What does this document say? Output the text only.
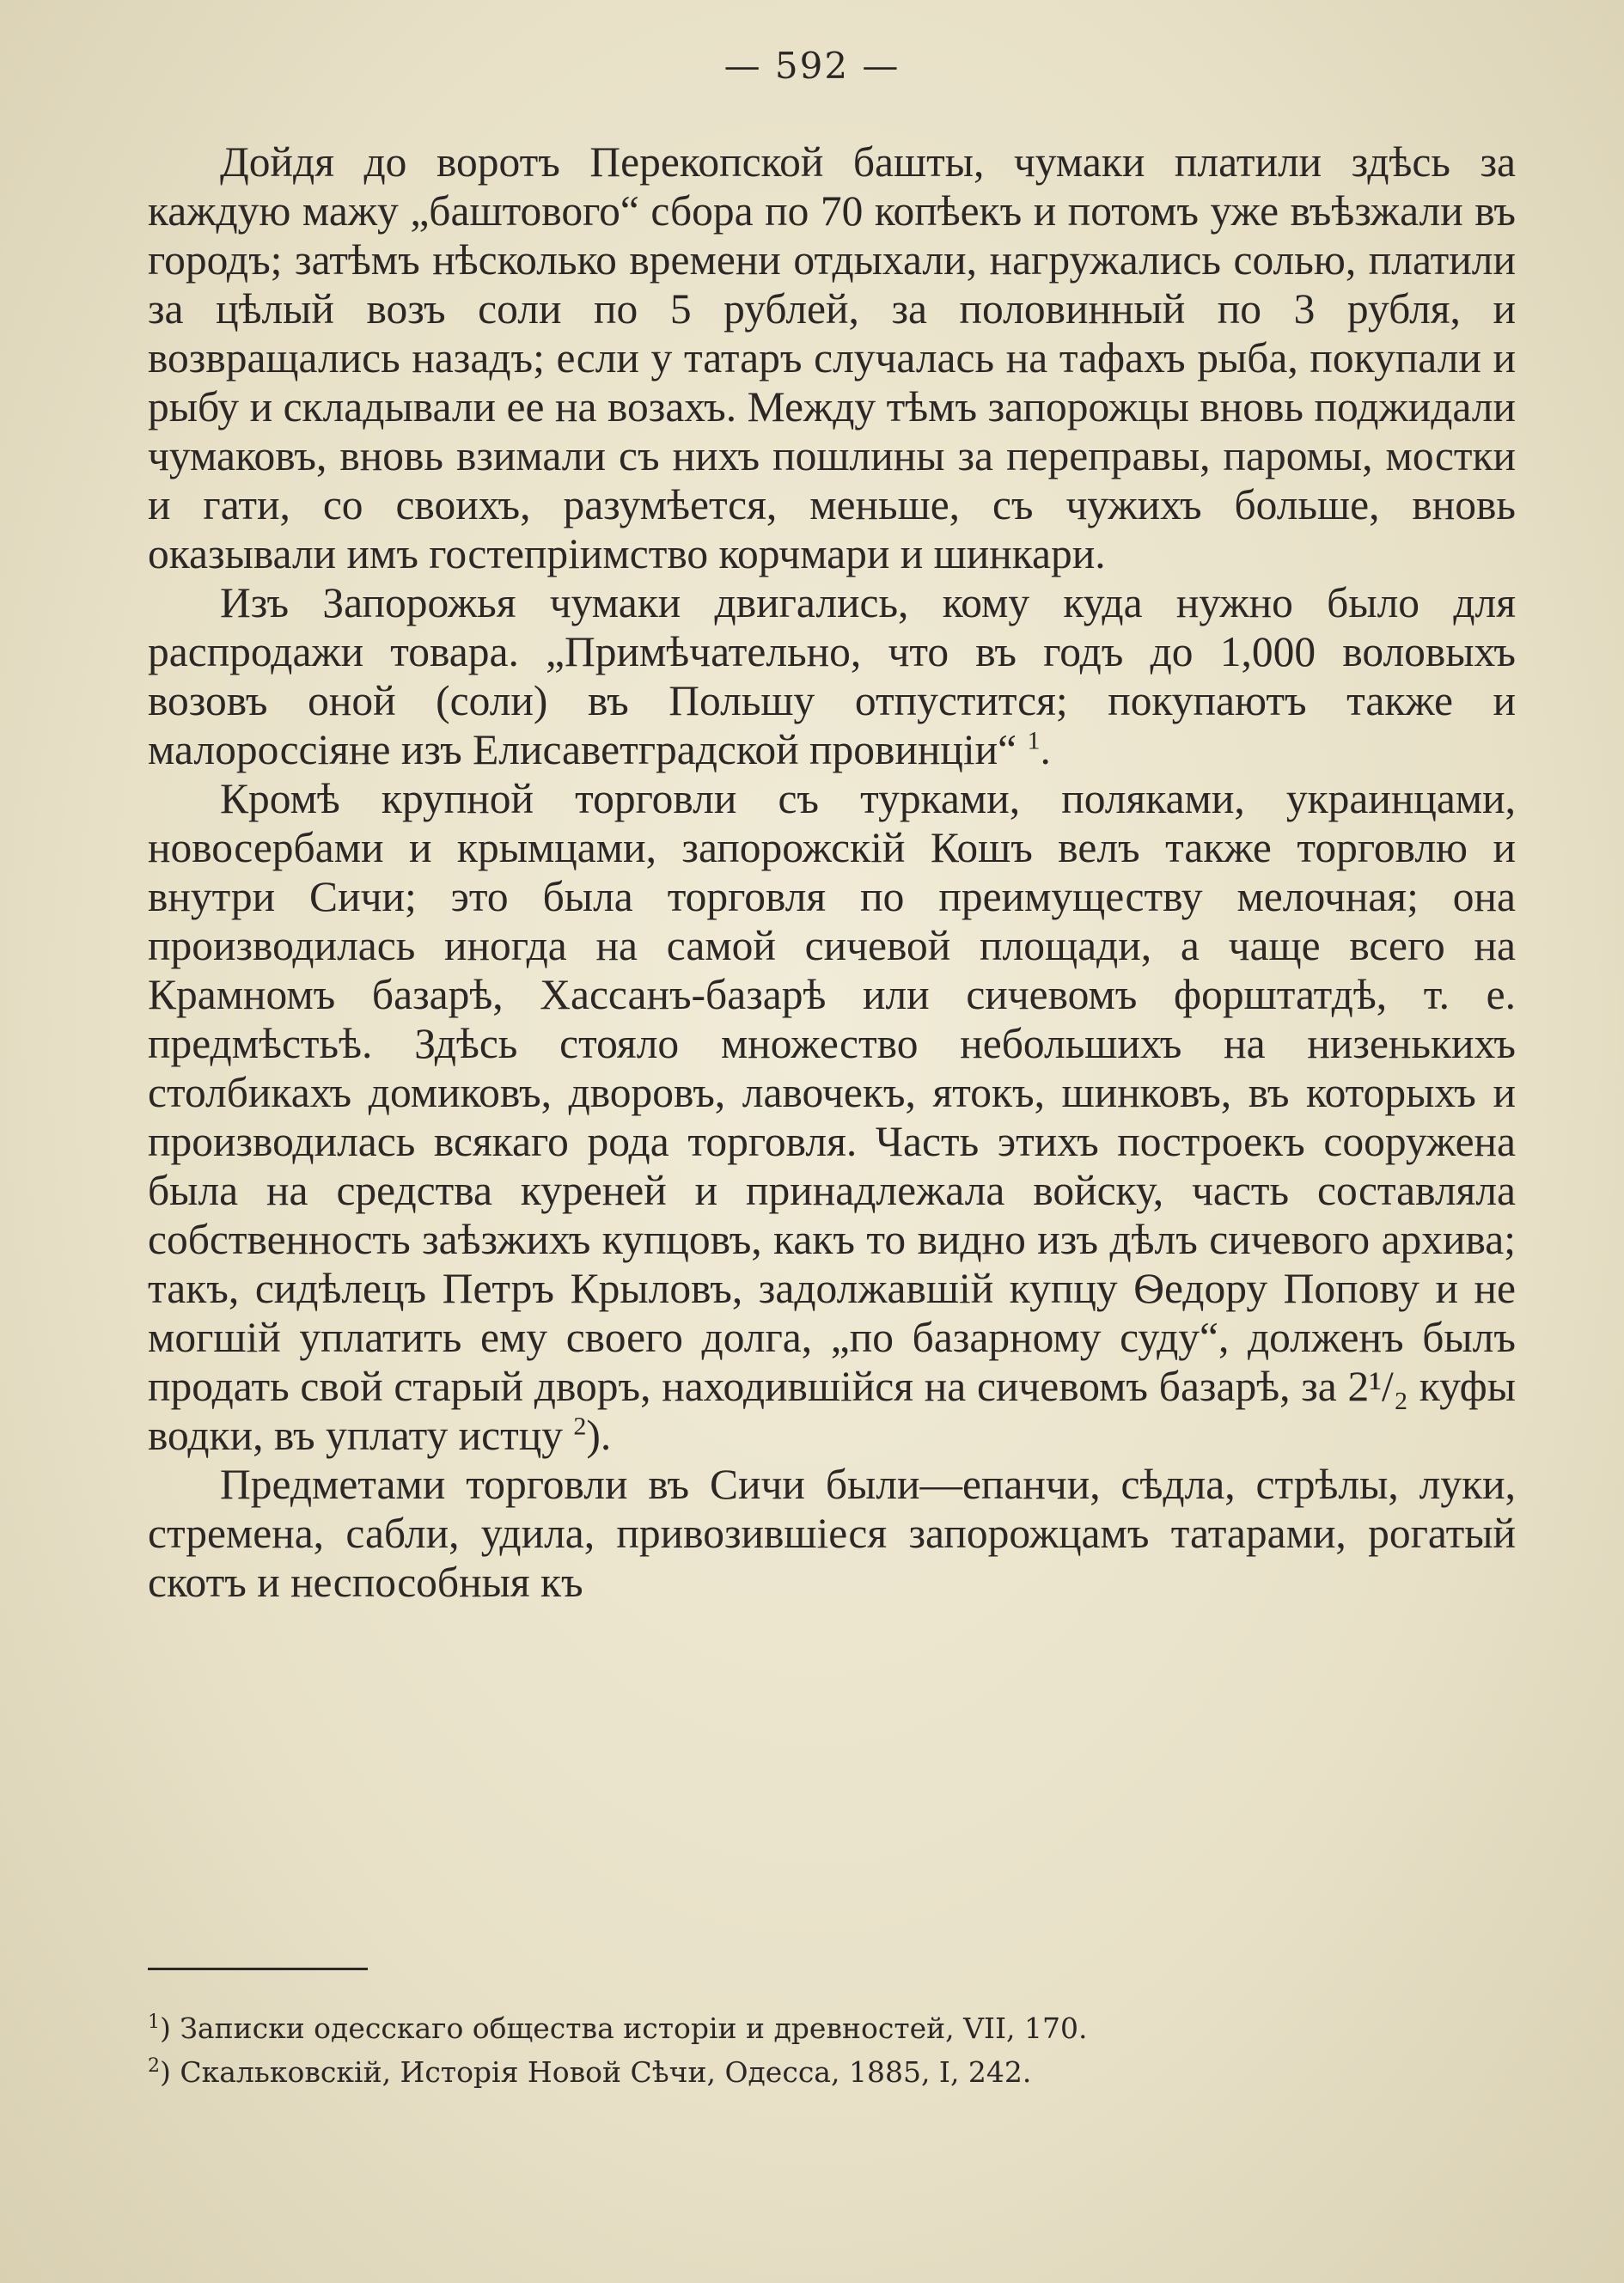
— 592 —

Дойдя до воротъ Перекопской башты, чумаки платили здѣсь за каждую мажу „баштового“ сбора по 70 копѣекъ и потомъ уже въѣзжали въ городъ; затѣмъ нѣсколько времени отдыхали, нагружались солью, платили за цѣлый возъ соли по 5 рублей, за половинный по 3 рубля, и возвращались назадъ; если у татаръ случалась на тафахъ рыба, покупали и рыбу и складывали ее на возахъ. Между тѣмъ запорожцы вновь поджидали чумаковъ, вновь взимали съ нихъ пошлины за переправы, паромы, мостки и гати, со своихъ, разумѣется, меньше, съ чужихъ больше, вновь оказывали имъ гостепріимство корчмари и шинкари.

Изъ Запорожья чумаки двигались, кому куда нужно было для распродажи товара. „Примѣчательно, что въ годъ до 1,000 воловыхъ возовъ оной (соли) въ Польшу отпустится; покупаютъ также и малороссіяне изъ Елисаветградской провинціи“ $^1$.

Кромѣ крупной торговли съ турками, поляками, украинцами, новосербами и крымцами, запорожскій Кошъ велъ также торговлю и внутри Сичи; это была торговля по преимуществу мелочная; она производилась иногда на самой сичевой площади, а чаще всего на Крамномъ базарѣ, Хассанъ-базарѣ или сичевомъ форштатдѣ, т. е. предмѣстьѣ. Здѣсь стояло множество небольшихъ на низенькихъ столбикахъ домиковъ, дворовъ, лавочекъ, ятокъ, шинковъ, въ которыхъ и производилась всякаго рода торговля. Часть этихъ построекъ сооружена была на средства куреней и принадлежала войску, часть составляла собственность заѣзжихъ купцовъ, какъ то видно изъ дѣлъ сичевого архива; такъ, сидѣлецъ Петръ Крыловъ, задолжавшій купцу Ѳедору Попову и не могшій уплатить ему своего долга, „по базарному суду“, долженъ былъ продать свой старый дворъ, находившійся на сичевомъ базарѣ, за 2¹/₂ куфы водки, въ уплату истцу $^2$).

Предметами торговли въ Сичи были—епанчи, сѣдла, стрѣлы, луки, стремена, сабли, удила, привозившіеся запорожцамъ татарами, рогатый скотъ и неспособныя къ

$^1$) Записки одесскаго общества исторіи и древностей, VII, 170.
$^2$) Скальковскій, Исторія Новой Сѣчи, Одесса, 1885, I, 242.
